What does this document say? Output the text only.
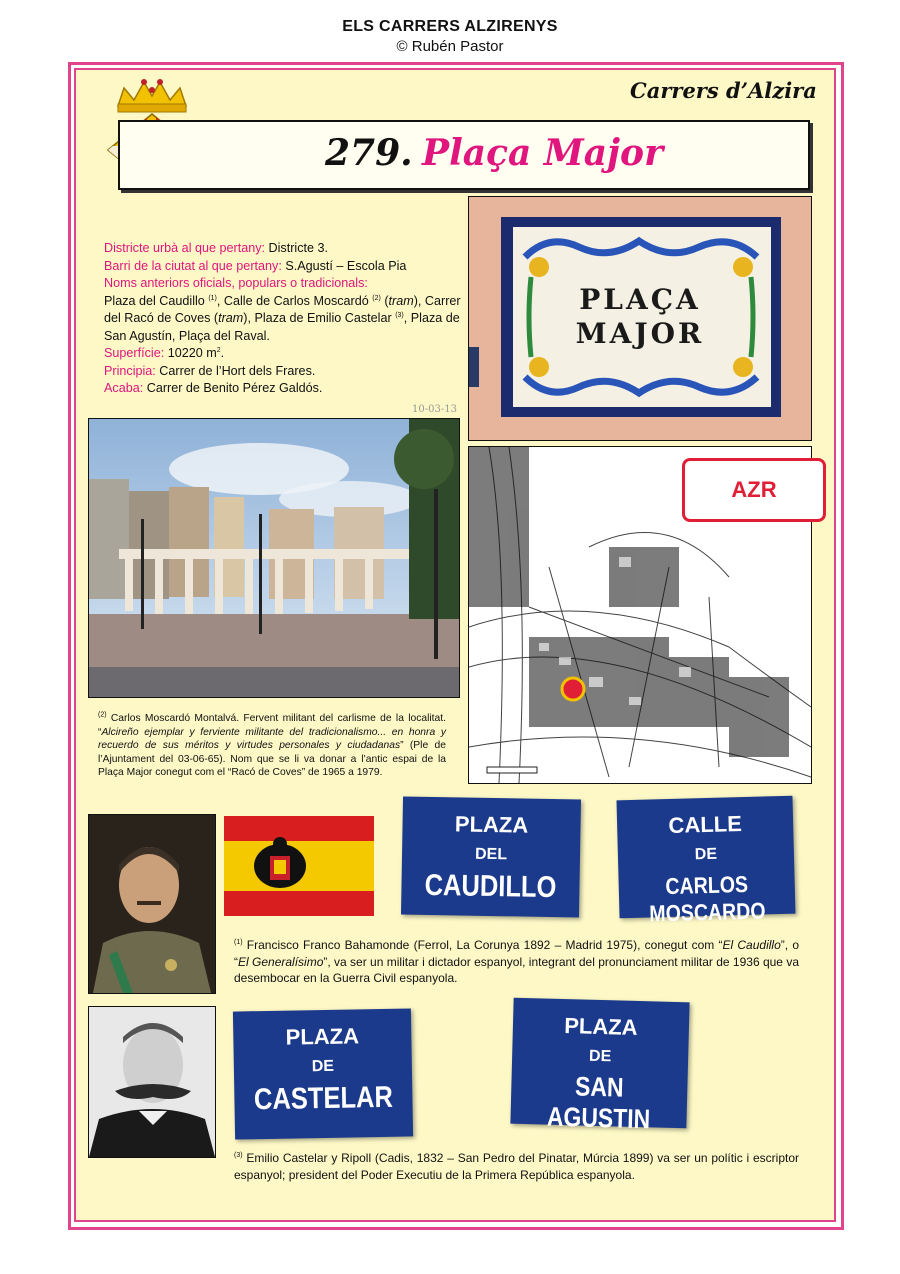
ELS CARRERS ALZIRENYS
© Rubén Pastor
Carrers d’Alzira
279. Plaça Major
Districte urbà al que pertany: Districte 3.
Barri de la ciutat al que pertany: S.Agustí – Escola Pia
Noms anteriors oficials, populars o tradicionals:
Plaza del Caudillo $^{(1)}$, Calle de Carlos Moscardó $^{(2)}$ (tram), Carrer del Racó de Coves (tram), Plaza de Emilio Castelar $^{(3)}$, Plaza de San Agustín, Plaça del Raval.
Superfície: 10220 $m^2$.
Principia: Carrer de l’Hort dels Frares.
Acaba: Carrer de Benito Pérez Galdós.
10-03-13
PLAÇA
MAJOR
AZR
$^{(2)}$ Carlos Moscardó Montalvá. Fervent militant del carlisme de la localitat. “Alcireño ejemplar y ferviente militante del tradicionalismo... en honra y recuerdo de sus méritos y virtudes personales y ciudadanas” (Ple de l’Ajuntament del 03-06-65). Nom que se li va donar a l’antic espai de la Plaça Major conegut com el “Racó de Coves” de 1965 a 1979.
PLAZA
DEL
CAUDILLO
CALLE
DE
CARLOS MOSCARDO
$^{(1)}$ Francisco Franco Bahamonde (Ferrol, La Corunya 1892 – Madrid 1975), conegut com “El Caudillo”, o “El Generalísimo”, va ser un militar i dictador espanyol, integrant del pronunciament militar de 1936 que va desembocar en la Guerra Civil espanyola.
PLAZA
DE
CASTELAR
PLAZA
DE
SAN AGUSTIN
$^{(3)}$ Emilio Castelar y Ripoll (Cadis, 1832 – San Pedro del Pinatar, Múrcia 1899) va ser un polític i escriptor espanyol; president del Poder Executiu de la Primera República espanyola.
